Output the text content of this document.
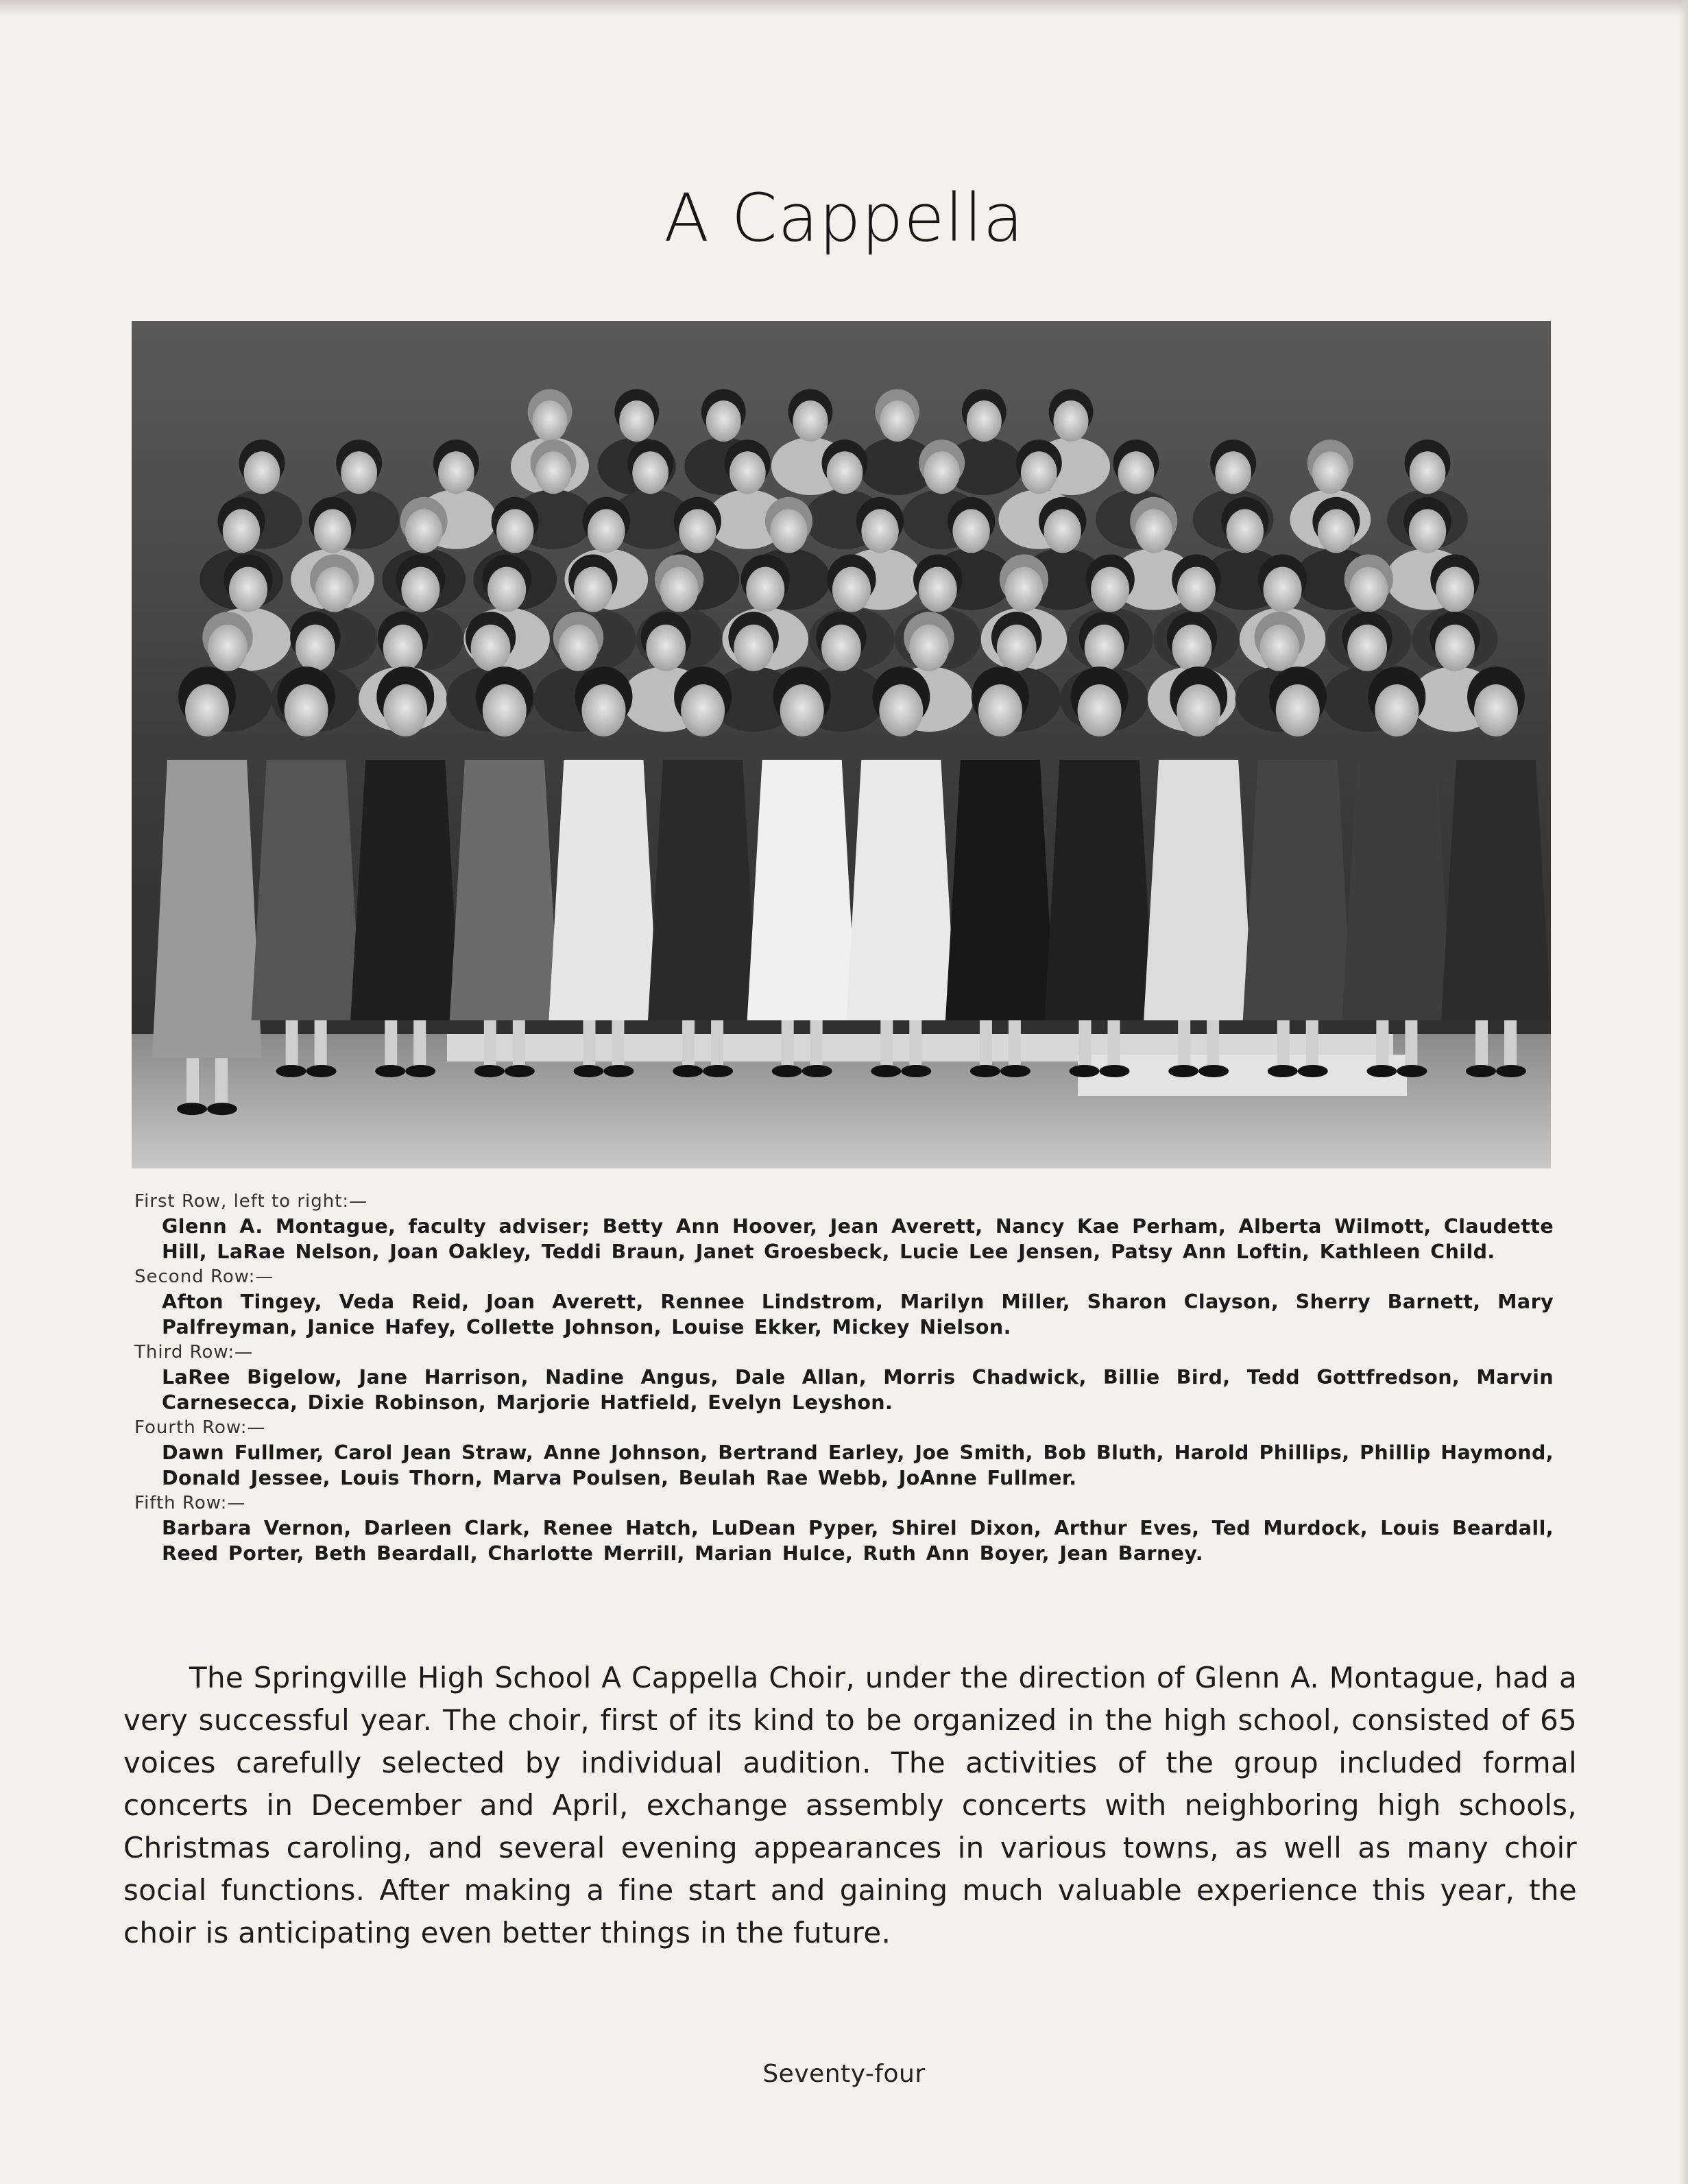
A Cappella
First Row, left to right:—
Glenn A. Montague, faculty adviser; Betty Ann Hoover, Jean Averett, Nancy Kae Perham, Alberta Wilmott, Claudette Hill, LaRae Nelson, Joan Oakley, Teddi Braun, Janet Groesbeck, Lucie Lee Jensen, Patsy Ann Loftin, Kathleen Child.
Second Row:—
Afton Tingey, Veda Reid, Joan Averett, Rennee Lindstrom, Marilyn Miller, Sharon Clayson, Sherry Barnett, Mary Palfreyman, Janice Hafey, Collette Johnson, Louise Ekker, Mickey Nielson.
Third Row:—
LaRee Bigelow, Jane Harrison, Nadine Angus, Dale Allan, Morris Chadwick, Billie Bird, Tedd Gottfredson, Marvin Carnesecca, Dixie Robinson, Marjorie Hatfield, Evelyn Leyshon.
Fourth Row:—
Dawn Fullmer, Carol Jean Straw, Anne Johnson, Bertrand Earley, Joe Smith, Bob Bluth, Harold Phillips, Phillip Haymond, Donald Jessee, Louis Thorn, Marva Poulsen, Beulah Rae Webb, JoAnne Fullmer.
Fifth Row:—
Barbara Vernon, Darleen Clark, Renee Hatch, LuDean Pyper, Shirel Dixon, Arthur Eves, Ted Murdock, Louis Beardall, Reed Porter, Beth Beardall, Charlotte Merrill, Marian Hulce, Ruth Ann Boyer, Jean Barney.
The Springville High School A Cappella Choir, under the direction of Glenn A. Montague, had a very successful year. The choir, first of its kind to be organized in the high school, consisted of 65 voices carefully selected by individual audition. The activities of the group included formal concerts in December and April, exchange assembly concerts with neighboring high schools, Christmas caroling, and several evening appearances in various towns, as well as many choir social functions. After making a fine start and gaining much valuable experience this year, the choir is anticipating even better things in the future.
Seventy-four
